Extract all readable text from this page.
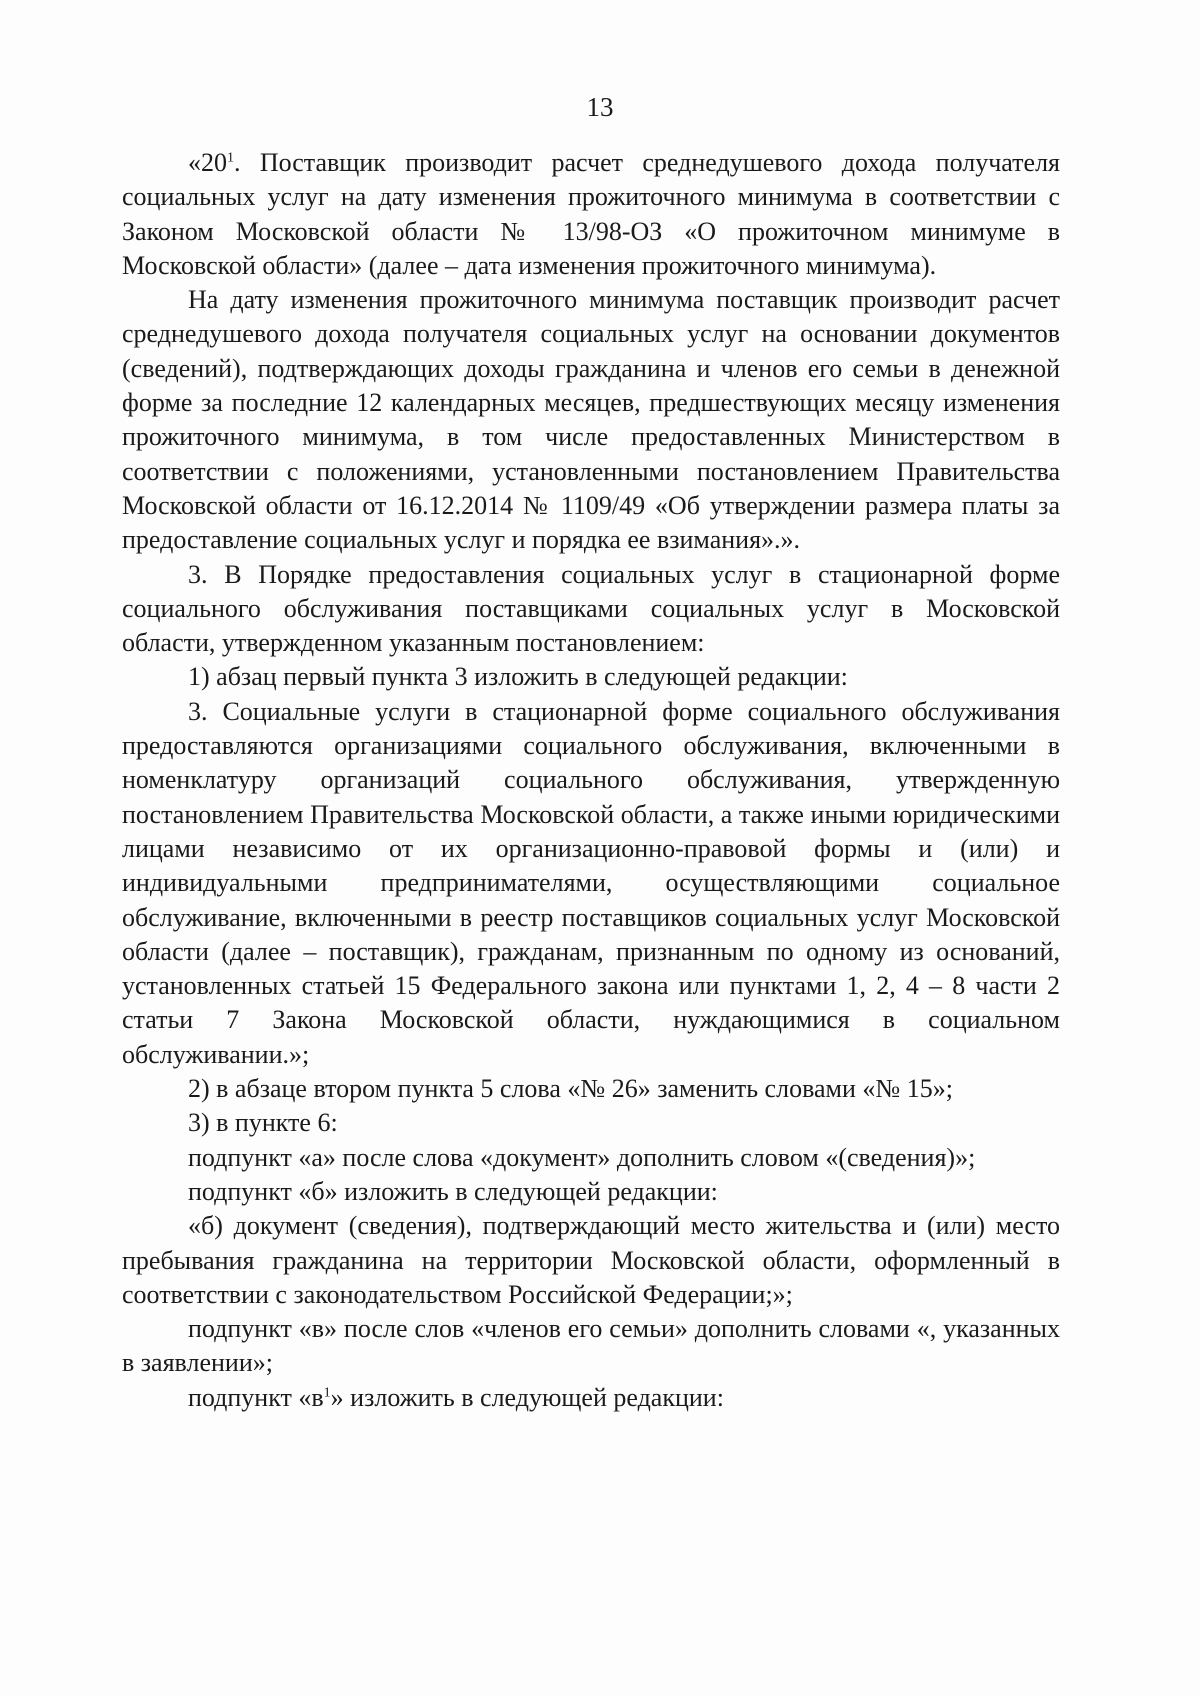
13

«$20^1$. Поставщик производит расчет среднедушевого дохода получателя социальных услуг на дату изменения прожиточного минимума в соответствии с Законом Московской области № 13/98-ОЗ «О прожиточном минимуме в Московской области» (далее – дата изменения прожиточного минимума).

На дату изменения прожиточного минимума поставщик производит расчет среднедушевого дохода получателя социальных услуг на основании документов (сведений), подтверждающих доходы гражданина и членов его семьи в денежной форме за последние 12 календарных месяцев, предшествующих месяцу изменения прожиточного минимума, в том числе предоставленных Министерством в соответствии с положениями, установленными постановлением Правительства Московской области от 16.12.2014 № 1109/49 «Об утверждении размера платы за предоставление социальных услуг и порядка ее взимания».».

3. В Порядке предоставления социальных услуг в стационарной форме социального обслуживания поставщиками социальных услуг в Московской области, утвержденном указанным постановлением:

1) абзац первый пункта 3 изложить в следующей редакции:

3. Социальные услуги в стационарной форме социального обслуживания предоставляются организациями социального обслуживания, включенными в номенклатуру организаций социального обслуживания, утвержденную постановлением Правительства Московской области, а также иными юридическими лицами независимо от их организационно-правовой формы и (или) и индивидуальными предпринимателями, осуществляющими социальное обслуживание, включенными в реестр поставщиков социальных услуг Московской области (далее – поставщик), гражданам, признанным по одному из оснований, установленных статьей 15 Федерального закона или пунктами 1, 2, 4 – 8 части 2 статьи 7 Закона Московской области, нуждающимися в социальном обслуживании.»;

2) в абзаце втором пункта 5 слова «№ 26» заменить словами «№ 15»;

3) в пункте 6:

подпункт «а» после слова «документ» дополнить словом «(сведения)»;

подпункт «б» изложить в следующей редакции:

«б) документ (сведения), подтверждающий место жительства и (или) место пребывания гражданина на территории Московской области, оформленный в соответствии с законодательством Российской Федерации;»;

подпункт «в» после слов «членов его семьи» дополнить словами «, указанных в заявлении»;

подпункт «$в^1$» изложить в следующей редакции:
